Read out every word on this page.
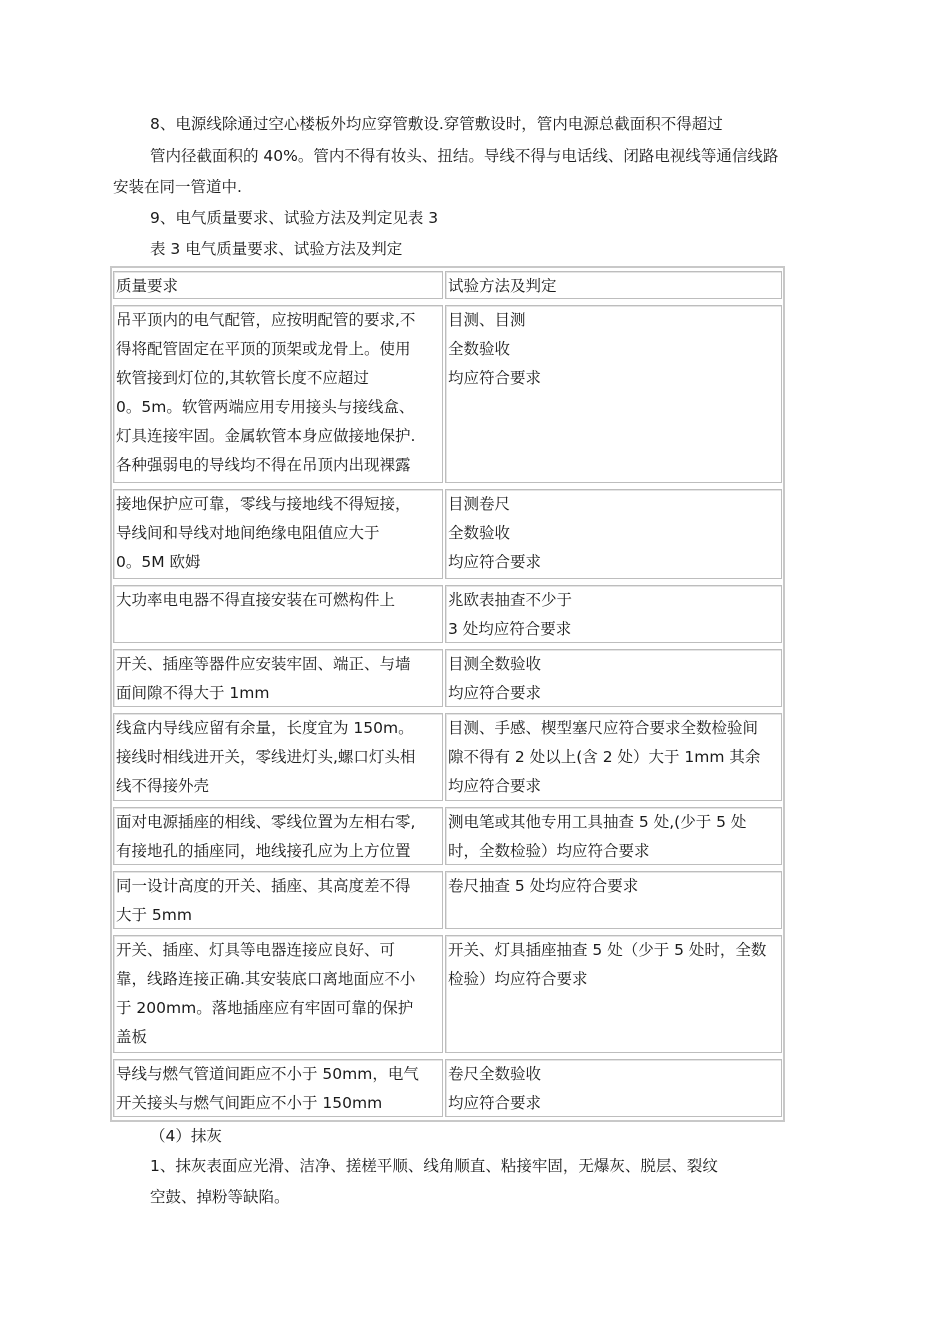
8、电源线除通过空心楼板外均应穿管敷设.穿管敷设时，管内电源总截面积不得超过
管内径截面积的 40%。管内不得有妆头、扭结。导线不得与电话线、闭路电视线等通信线路
安装在同一管道中.
9、电气质量要求、试验方法及判定见表 3
表 3 电气质量要求、试验方法及判定
质量要求	试验方法及判定
吊平顶内的电气配管，应按明配管的要求,不
得将配管固定在平顶的顶架或龙骨上。使用
软管接到灯位的,其软管长度不应超过
0。5m。软管两端应用专用接头与接线盒、
灯具连接牢固。金属软管本身应做接地保护.
各种强弱电的导线均不得在吊顶内出现裸露
目测、目测
全数验收
均应符合要求
接地保护应可靠，零线与接地线不得短接，
导线间和导线对地间绝缘电阻值应大于
0。5M 欧姆
目测卷尺
全数验收
均应符合要求
大功率电电器不得直接安装在可燃构件上	兆欧表抽查不少于
3 处均应符合要求
开关、插座等器件应安装牢固、端正、与墙
面间隙不得大于 1mm
目测全数验收
均应符合要求
线盒内导线应留有余量，长度宜为 150m。
接线时相线进开关，零线进灯头,螺口灯头相
线不得接外壳
目测、手感、楔型塞尺应符合要求全数检验间
隙不得有 2 处以上(含 2 处）大于 1mm 其余
均应符合要求
面对电源插座的相线、零线位置为左相右零,
有接地孔的插座同，地线接孔应为上方位置
测电笔或其他专用工具抽查 5 处,(少于 5 处
时，全数检验）均应符合要求
同一设计高度的开关、插座、其高度差不得
大于 5mm
卷尺抽查 5 处均应符合要求
开关、插座、灯具等电器连接应良好、可
靠，线路连接正确.其安装底口离地面应不小
于 200mm。落地插座应有牢固可靠的保护
盖板
开关、灯具插座抽查 5 处（少于 5 处时，全数
检验）均应符合要求
导线与燃气管道间距应不小于 50mm，电气
开关接头与燃气间距应不小于 150mm
卷尺全数验收
均应符合要求
（4）抹灰
1、抹灰表面应光滑、洁净、搓槎平顺、线角顺直、粘接牢固，无爆灰、脱层、裂纹
空鼓、掉粉等缺陷。
